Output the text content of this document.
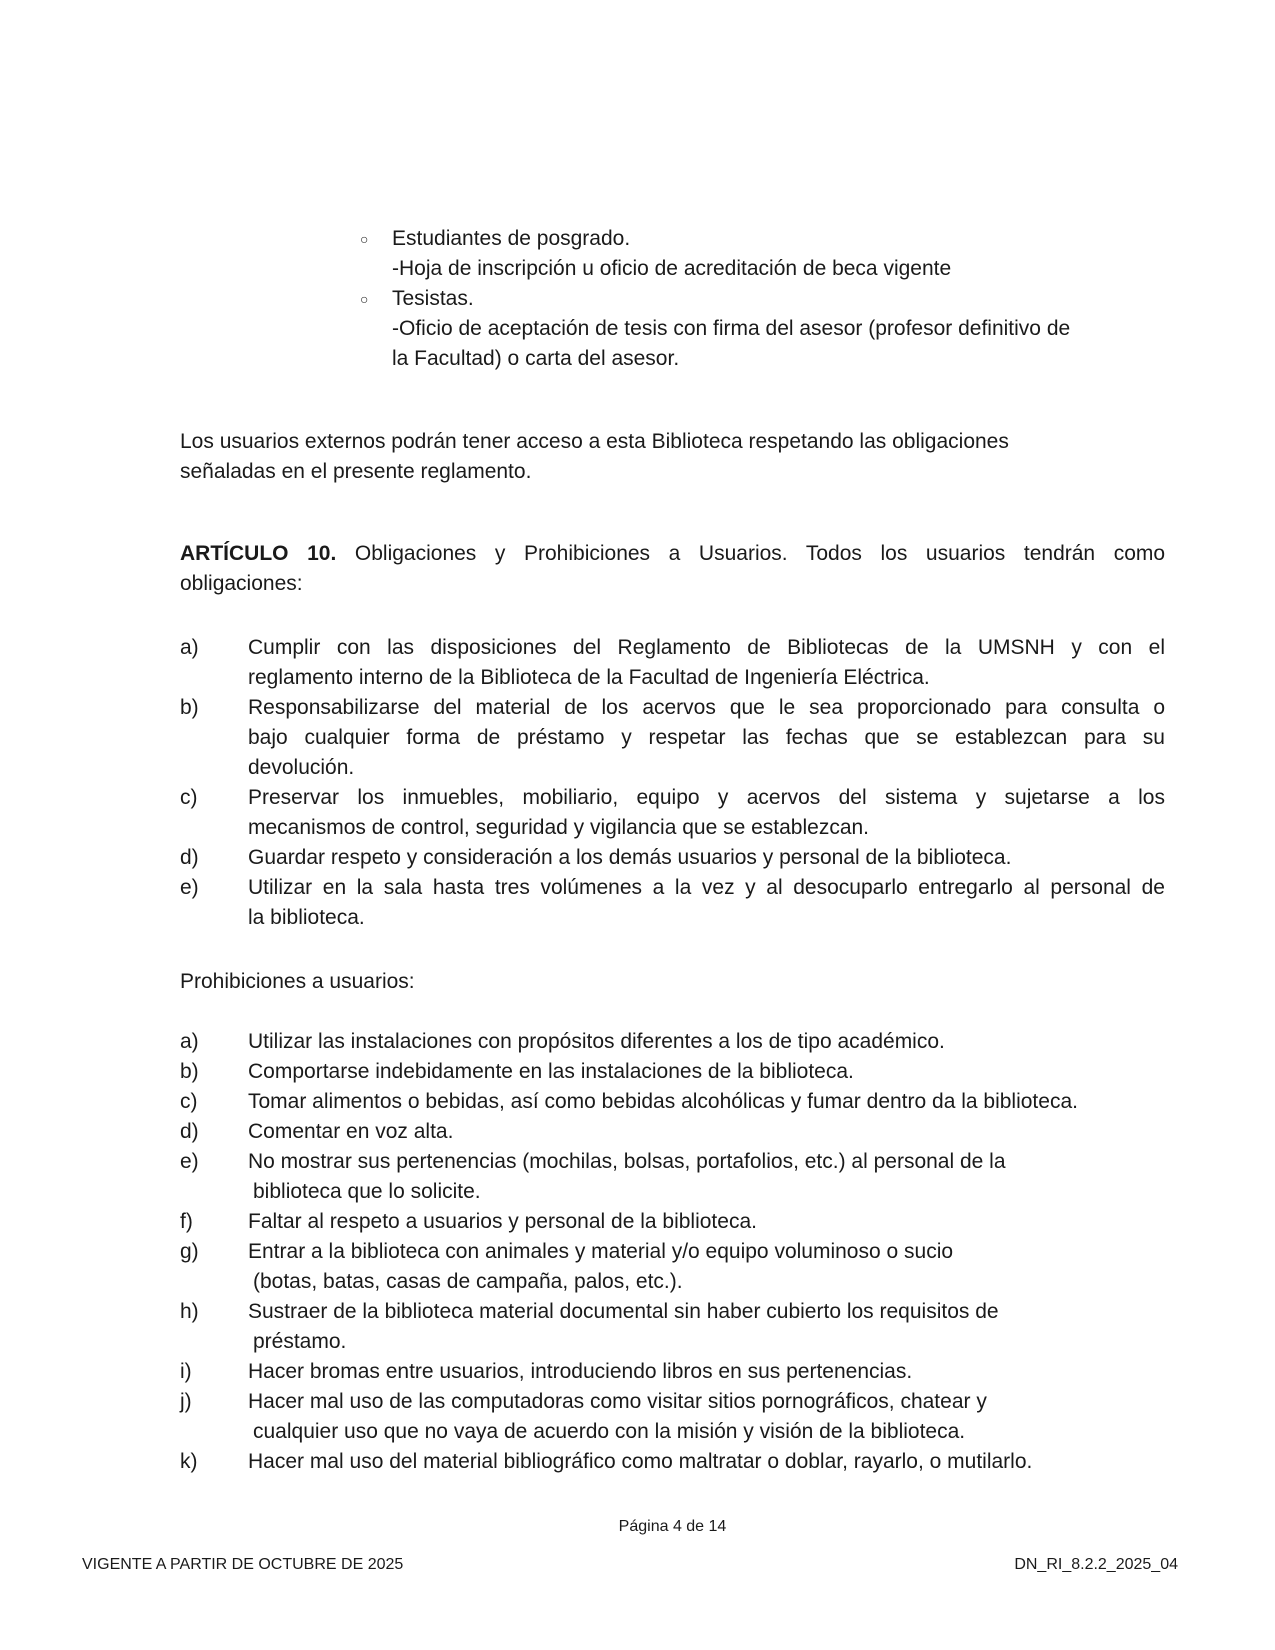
○	Estudiantes de posgrado.
-Hoja de inscripción u oficio de acreditación de beca vigente
○	Tesistas.
-Oficio de aceptación de tesis con firma del asesor (profesor definitivo de
la Facultad) o carta del asesor.
Los usuarios externos podrán tener acceso a esta Biblioteca respetando las obligaciones
señaladas en el presente reglamento.
ARTÍCULO 10. Obligaciones y Prohibiciones a Usuarios. Todos los usuarios tendrán como
obligaciones:
a)	Cumplir con las disposiciones del Reglamento de Bibliotecas de la UMSNH y con el
reglamento interno de la Biblioteca de la Facultad de Ingeniería Eléctrica.
b)	Responsabilizarse del material de los acervos que le sea proporcionado para consulta o
bajo cualquier forma de préstamo y respetar las fechas que se establezcan para su
devolución.
c)	Preservar los inmuebles, mobiliario, equipo y acervos del sistema y sujetarse a los
mecanismos de control, seguridad y vigilancia que se establezcan.
d)	Guardar respeto y consideración a los demás usuarios y personal de la biblioteca.
e)	Utilizar en la sala hasta tres volúmenes a la vez y al desocuparlo entregarlo al personal de
la biblioteca.
Prohibiciones a usuarios:
a)	Utilizar las instalaciones con propósitos diferentes a los de tipo académico.
b)	Comportarse indebidamente en las instalaciones de la biblioteca.
c)	Tomar alimentos o bebidas, así como bebidas alcohólicas y fumar dentro da la biblioteca.
d)	Comentar en voz alta.
e)	No mostrar sus pertenencias (mochilas, bolsas, portafolios, etc.) al personal de la
biblioteca que lo solicite.
f)	Faltar al respeto a usuarios y personal de la biblioteca.
g)	Entrar a la biblioteca con animales y material y/o equipo voluminoso o sucio
(botas, batas, casas de campaña, palos, etc.).
h)	Sustraer de la biblioteca material documental sin haber cubierto los requisitos de
préstamo.
i)	Hacer bromas entre usuarios, introduciendo libros en sus pertenencias.
j)	Hacer mal uso de las computadoras como visitar sitios pornográficos, chatear y
cualquier uso que no vaya de acuerdo con la misión y visión de la biblioteca.
k)	Hacer mal uso del material bibliográfico como maltratar o doblar, rayarlo, o mutilarlo.
Página 4 de 14
VIGENTE A PARTIR DE OCTUBRE DE 2025	DN_RI_8.2.2_2025_04
